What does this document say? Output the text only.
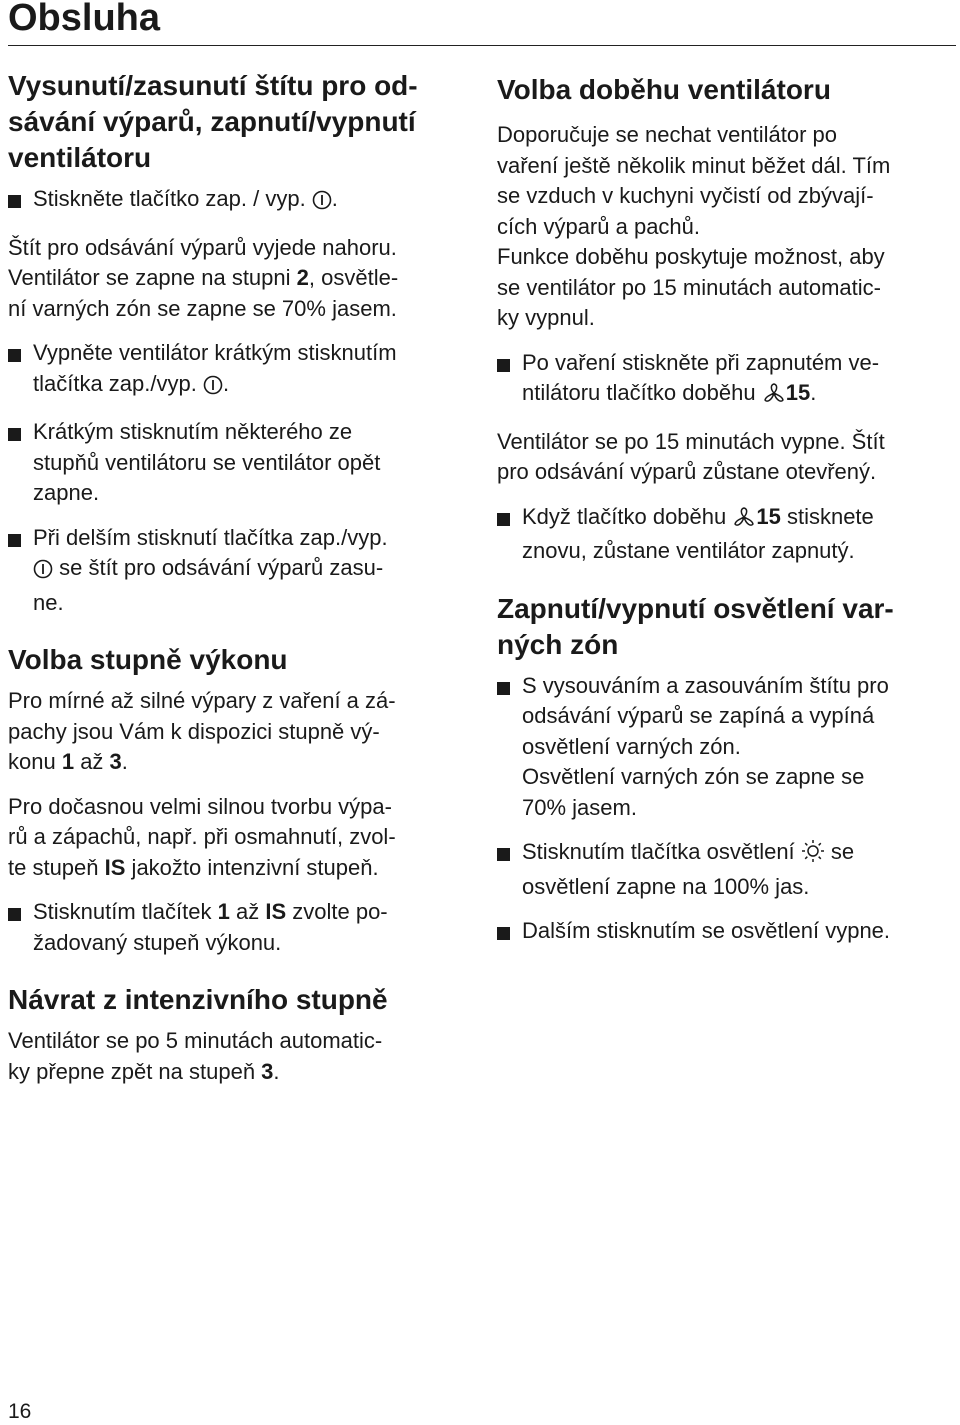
Obsluha
Vysunutí/zasunutí štítu pro od-
sávání výparů, zapnutí/vypnutí
ventilátoru
Stiskněte tlačítko zap. / vyp. .

Štít pro odsávání výparů vyjede nahoru.
Ventilátor se zapne na stupni 2, osvětle-
ní varných zón se zapne se 70% jasem.

Vypněte ventilátor krátkým stisknutím
tlačítka zap./vyp. .
Krátkým stisknutím některého ze
stupňů ventilátoru se ventilátor opět
zapne.
Při delším stisknutí tlačítka zap./vyp.
se štít pro odsávání výparů zasu-
ne.
Volba stupně výkonu

Pro mírné až silné výpary z vaření a zá-
pachy jsou Vám k dispozici stupně vý-
konu 1 až 3.

Pro dočasnou velmi silnou tvorbu výpa-
rů a zápachů, např. při osmahnutí, zvol-
te stupeň IS jakožto intenzivní stupeň.

Stisknutím tlačítek 1 až IS zvolte po-
žadovaný stupeň výkonu.
Návrat z intenzivního stupně

Ventilátor se po 5 minutách automatic-
ky přepne zpět na stupeň 3.

Volba doběhu ventilátoru

Doporučuje se nechat ventilátor po
vaření ještě několik minut běžet dál. Tím
se vzduch v kuchyni vyčistí od zbývají-
cích výparů a pachů.
Funkce doběhu poskytuje možnost, aby
se ventilátor po 15 minutách automatic-
ky vypnul.

Po vaření stiskněte při zapnutém ve-
ntilátoru tlačítko doběhu 15.

Ventilátor se po 15 minutách vypne. Štít
pro odsávání výparů zůstane otevřený.

Když tlačítko doběhu 15 stisknete
znovu, zůstane ventilátor zapnutý.
Zapnutí/vypnutí osvětlení var-
ných zón
S vysouváním a zasouváním štítu pro
odsávání výparů se zapíná a vypíná
osvětlení varných zón.
Osvětlení varných zón se zapne se
70% jasem.
Stisknutím tlačítka osvětlení  se
osvětlení zapne na 100% jas.
Dalším stisknutím se osvětlení vypne.
16
